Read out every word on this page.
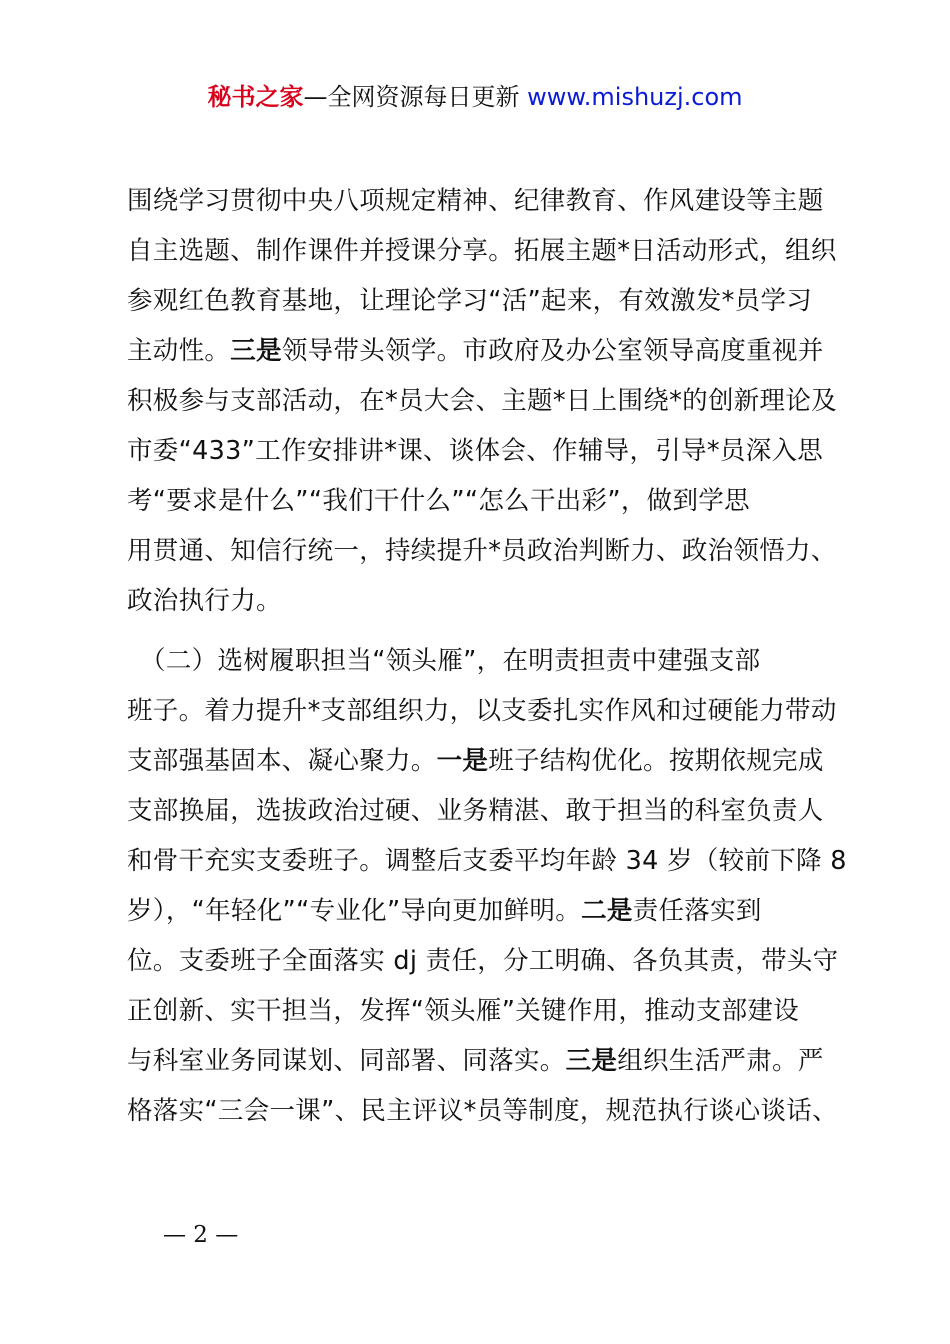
秘书之家—全网资源每日更新 www.mishuzj.com
围绕学习贯彻中央八项规定精神、纪律教育、作风建设等主题
自主选题、制作课件并授课分享。拓展主题*日活动形式，组织
参观红色教育基地，让理论学习“活”起来，有效激发*员学习
主动性。三是领导带头领学。市政府及办公室领导高度重视并
积极参与支部活动，在*员大会、主题*日上围绕*的创新理论及
市委“433”工作安排讲*课、谈体会、作辅导，引导*员深入思
考“要求是什么”“我们干什么”“怎么干出彩”，做到学思
用贯通、知信行统一，持续提升*员政治判断力、政治领悟力、
政治执行力。
　（二）选树履职担当“领头雁”，在明责担责中建强支部
班子。着力提升*支部组织力，以支委扎实作风和过硬能力带动
支部强基固本、凝心聚力。一是班子结构优化。按期依规完成
支部换届，选拔政治过硬、业务精湛、敢于担当的科室负责人
和骨干充实支委班子。调整后支委平均年龄 34 岁（较前下降 8
岁），“年轻化”“专业化”导向更加鲜明。二是责任落实到
位。支委班子全面落实 dj 责任，分工明确、各负其责，带头守
正创新、实干担当，发挥“领头雁”关键作用，推动支部建设
与科室业务同谋划、同部署、同落实。三是组织生活严肃。严
格落实“三会一课”、民主评议*员等制度，规范执行谈心谈话、
— 2 —
